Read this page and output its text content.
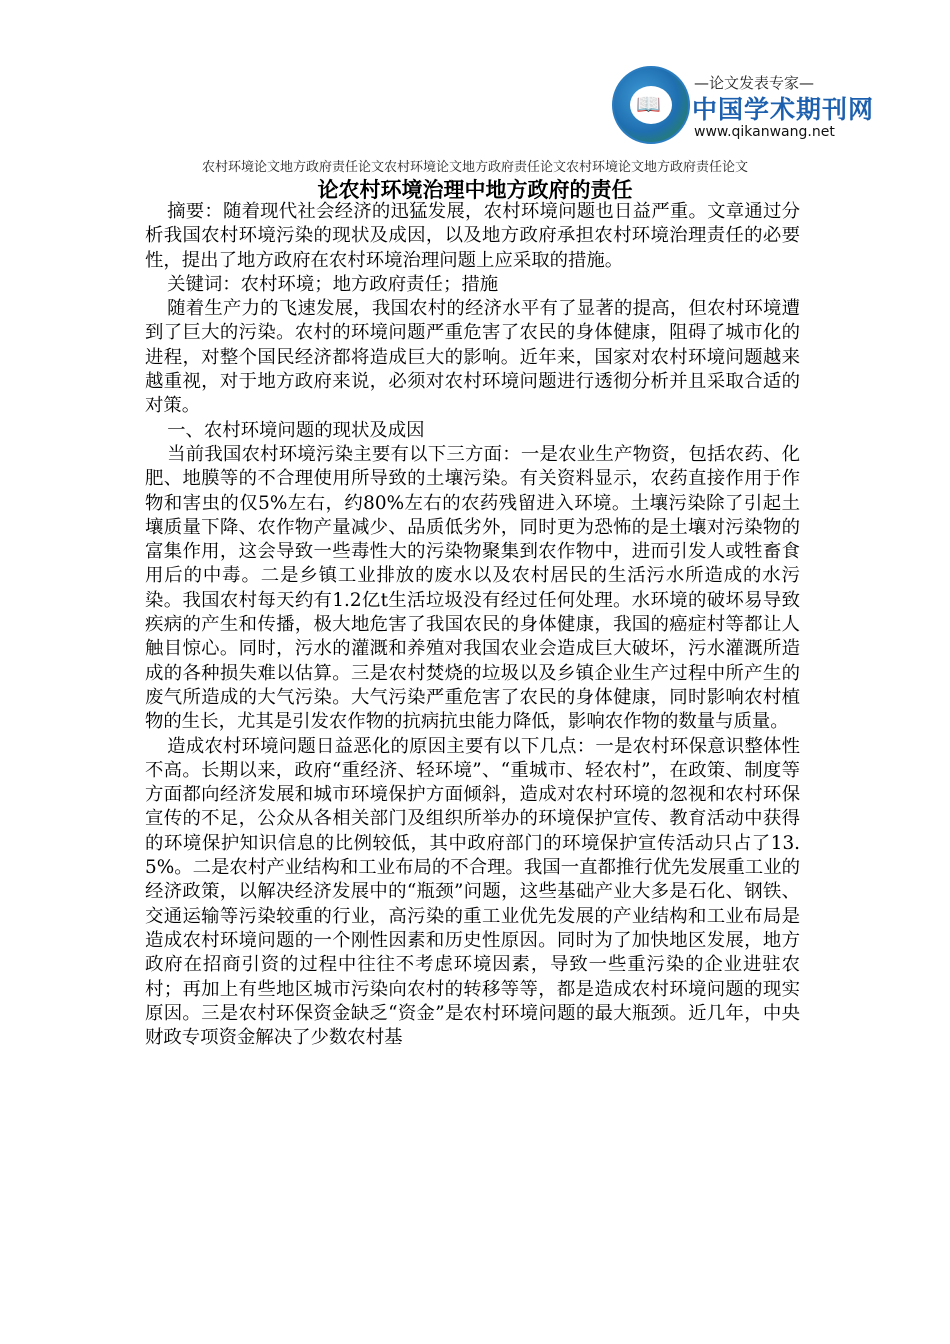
📖
—论文发表专家—
中国学术期刊网
www.qikanwang.net
农村环境论文地方政府责任论文农村环境论文地方政府责任论文农村环境论文地方政府责任论文
论农村环境治理中地方政府的责任

摘要：随着现代社会经济的迅猛发展，农村环境问题也日益严重。文章通过分析我国农村环境污染的现状及成因，以及地方政府承担农村环境治理责任的必要性，提出了地方政府在农村环境治理问题上应采取的措施。

关键词：农村环境；地方政府责任；措施

随着生产力的飞速发展，我国农村的经济水平有了显著的提高，但农村环境遭到了巨大的污染。农村的环境问题严重危害了农民的身体健康，阻碍了城市化的进程，对整个国民经济都将造成巨大的影响。近年来，国家对农村环境问题越来越重视，对于地方政府来说，必须对农村环境问题进行透彻分析并且采取合适的对策。

一、农村环境问题的现状及成因

当前我国农村环境污染主要有以下三方面：一是农业生产物资，包括农药、化肥、地膜等的不合理使用所导致的土壤污染。有关资料显示，农药直接作用于作物和害虫的仅5%左右，约80%左右的农药残留进入环境。土壤污染除了引起土壤质量下降、农作物产量减少、品质低劣外，同时更为恐怖的是土壤对污染物的富集作用，这会导致一些毒性大的污染物聚集到农作物中，进而引发人或牲畜食用后的中毒。二是乡镇工业排放的废水以及农村居民的生活污水所造成的水污染。我国农村每天约有1.2亿t生活垃圾没有经过任何处理。水环境的破坏易导致疾病的产生和传播，极大地危害了我国农民的身体健康，我国的癌症村等都让人触目惊心。同时，污水的灌溉和养殖对我国农业会造成巨大破坏，污水灌溉所造成的各种损失难以估算。三是农村焚烧的垃圾以及乡镇企业生产过程中所产生的废气所造成的大气污染。大气污染严重危害了农民的身体健康，同时影响农村植物的生长，尤其是引发农作物的抗病抗虫能力降低，影响农作物的数量与质量。

造成农村环境问题日益恶化的原因主要有以下几点：一是农村环保意识整体性不高。长期以来，政府“重经济、轻环境”、“重城市、轻农村”，在政策、制度等方面都向经济发展和城市环境保护方面倾斜，造成对农村环境的忽视和农村环保宣传的不足，公众从各相关部门及组织所举办的环境保护宣传、教育活动中获得的环境保护知识信息的比例较低，其中政府部门的环境保护宣传活动只占了13.5%。二是农村产业结构和工业布局的不合理。我国一直都推行优先发展重工业的经济政策，以解决经济发展中的“瓶颈”问题，这些基础产业大多是石化、钢铁、交通运输等污染较重的行业，高污染的重工业优先发展的产业结构和工业布局是造成农村环境问题的一个刚性因素和历史性原因。同时为了加快地区发展，地方政府在招商引资的过程中往往不考虑环境因素，导致一些重污染的企业进驻农村；再加上有些地区城市污染向农村的转移等等，都是造成农村环境问题的现实原因。三是农村环保资金缺乏“资金”是农村环境问题的最大瓶颈。近几年，中央财政专项资金解决了少数农村基
